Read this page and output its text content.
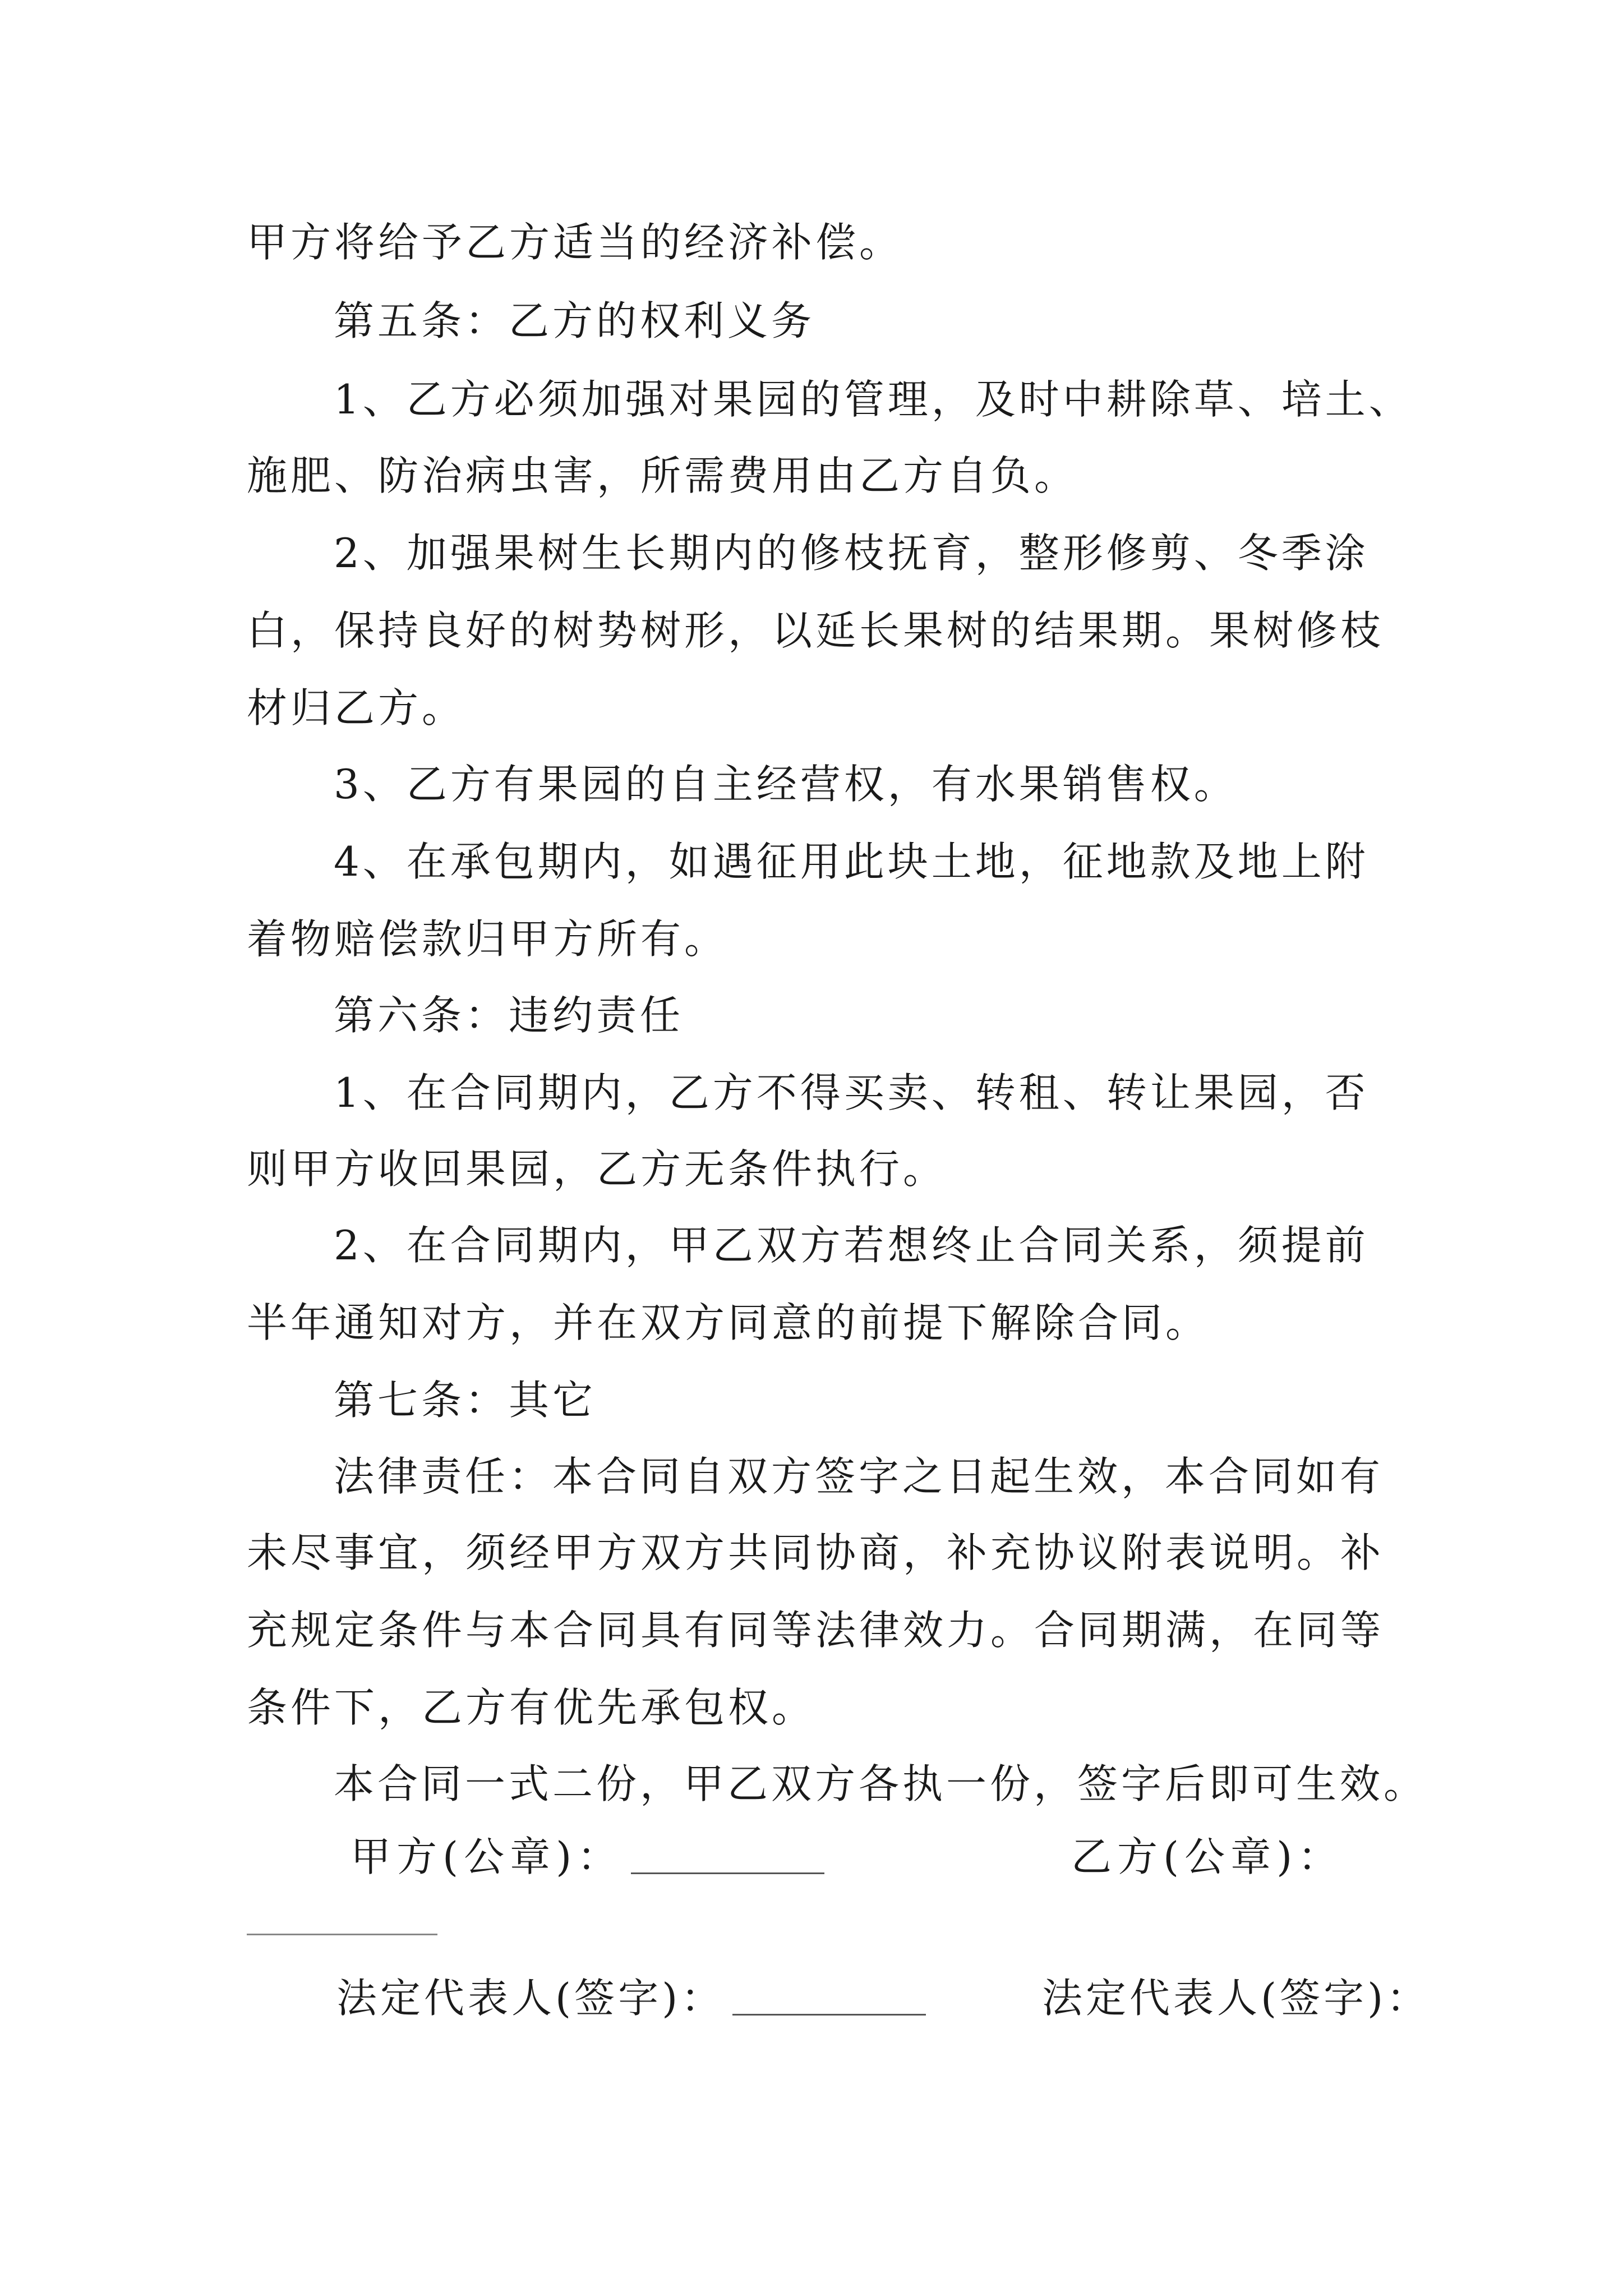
甲方将给予乙方适当的经济补偿。
第五条：乙方的权利义务
1、乙方必须加强对果园的管理，及时中耕除草、培土、
施肥、防治病虫害，所需费用由乙方自负。
2、加强果树生长期内的修枝抚育，整形修剪、冬季涂
白，保持良好的树势树形，以延长果树的结果期。果树修枝
材归乙方。
3、乙方有果园的自主经营权，有水果销售权。
4、在承包期内，如遇征用此块土地，征地款及地上附
着物赔偿款归甲方所有。
第六条：违约责任
1、在合同期内，乙方不得买卖、转租、转让果园，否
则甲方收回果园，乙方无条件执行。
2、在合同期内，甲乙双方若想终止合同关系，须提前
半年通知对方，并在双方同意的前提下解除合同。
第七条：其它
法律责任：本合同自双方签字之日起生效，本合同如有
未尽事宜，须经甲方双方共同协商，补充协议附表说明。补
充规定条件与本合同具有同等法律效力。合同期满，在同等
条件下，乙方有优先承包权。
本合同一式二份，甲乙双方各执一份，签字后即可生效。
甲方(公章)：	乙方(公章)：
法定代表人(签字)：	法定代表人(签字)：
